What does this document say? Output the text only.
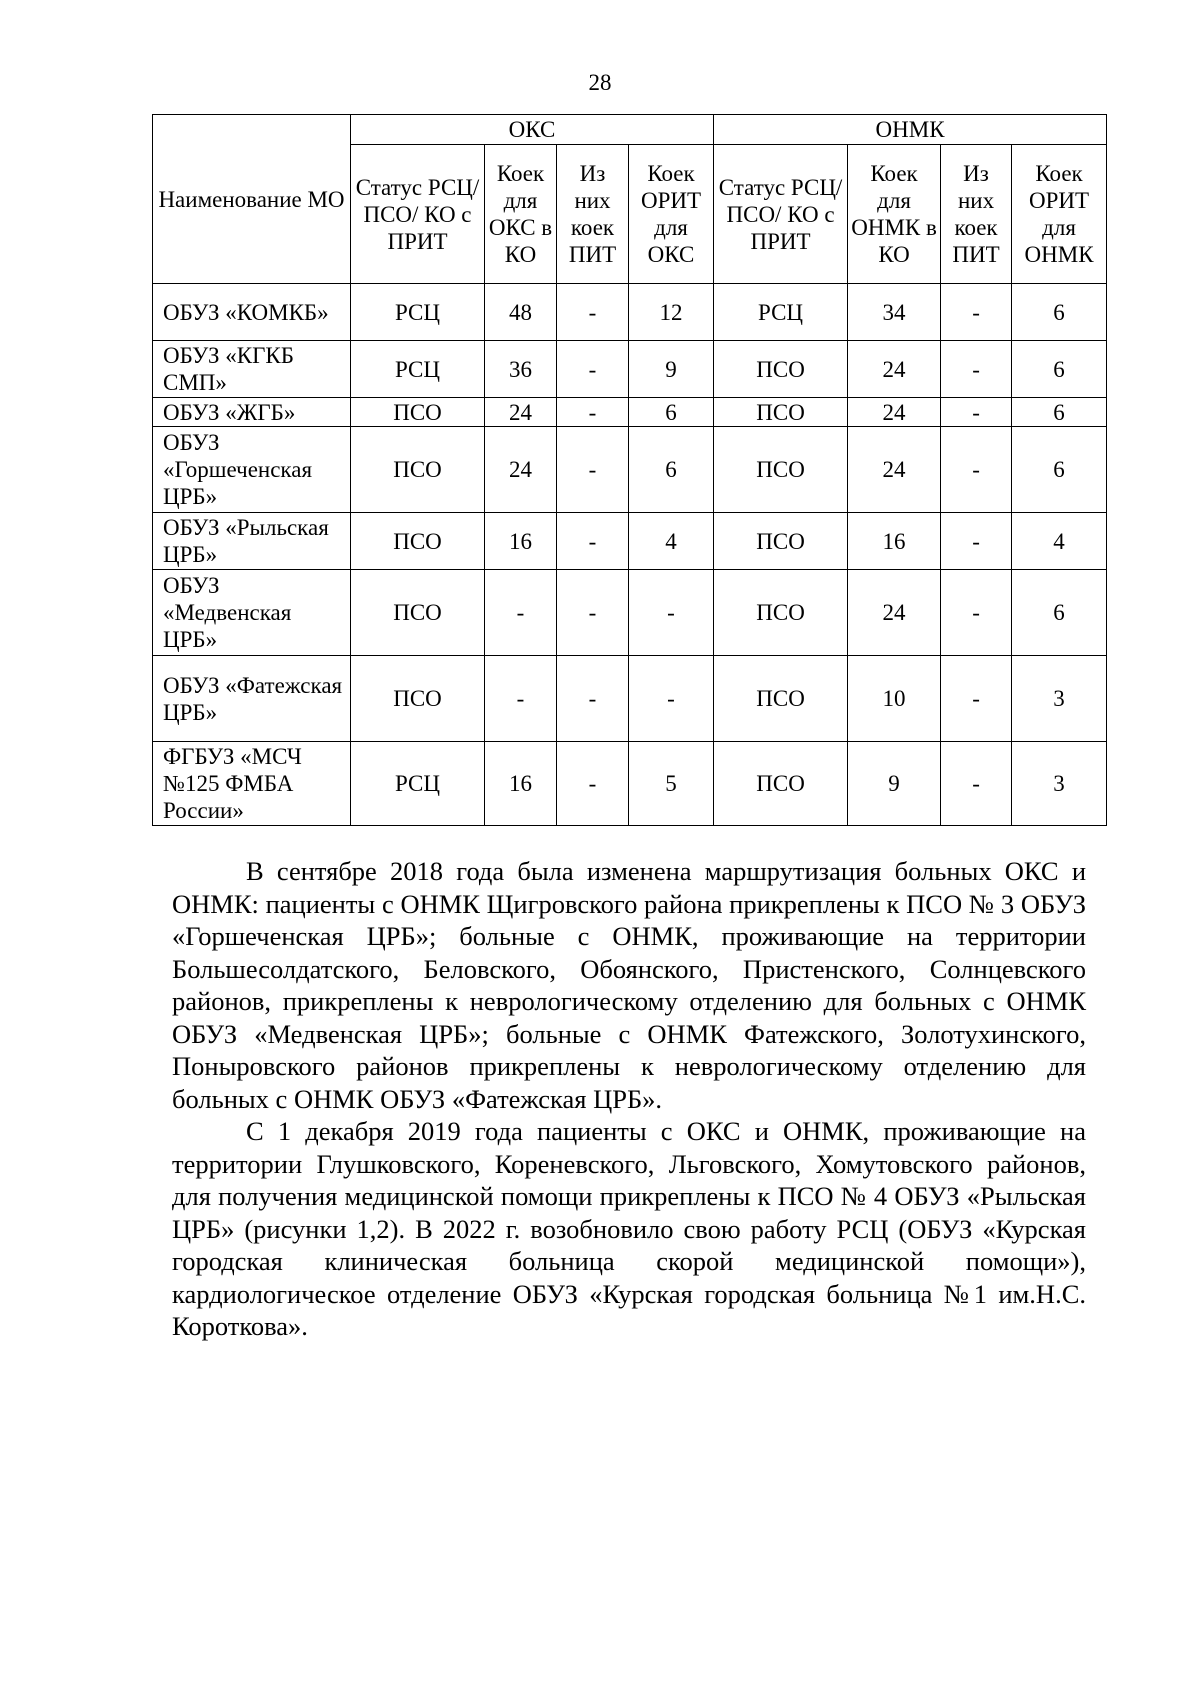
28
Наименование МО	ОКС				ОНМК			
	Статус РСЦ/ПСО/ КО с ПРИТ	Коек для ОКС в КО	Из них коек ПИТ	Коек ОРИТ для ОКС	Статус РСЦ/ПСО/ КО с ПРИТ	Коек для ОНМК в КО	Из них коек ПИТ	Коек ОРИТ для ОНМК
ОБУЗ «КОМКБ»	РСЦ	48	-	12	РСЦ	34	-	6
ОБУЗ «КГКБ СМП»	РСЦ	36	-	9	ПСО	24	-	6
ОБУЗ «ЖГБ»	ПСО	24	-	6	ПСО	24	-	6
ОБУЗ «Горшеченская ЦРБ»	ПСО	24	-	6	ПСО	24	-	6
ОБУЗ «Рыльская ЦРБ»	ПСО	16	-	4	ПСО	16	-	4
ОБУЗ «Медвенская ЦРБ»	ПСО	-	-	-	ПСО	24	-	6
ОБУЗ «Фатежская ЦРБ»	ПСО	-	-	-	ПСО	10	-	3
ФГБУЗ «МСЧ №125 ФМБА России»	РСЦ	16	-	5	ПСО	9	-	3

В сентябре 2018 года была изменена маршрутизация больных ОКС и ОНМК: пациенты с ОНМК Щигровского района прикреплены к ПСО № 3 ОБУЗ «Горшеченская ЦРБ»; больные с ОНМК, проживающие на территории Большесолдатского, Беловского, Обоянского, Пристенского, Солнцевского районов, прикреплены к неврологическому отделению для больных с ОНМК ОБУЗ «Медвенская ЦРБ»; больные с ОНМК Фатежского, Золотухинского, Поныровского районов прикреплены к неврологическому отделению для больных с ОНМК ОБУЗ «Фатежская ЦРБ».

С 1 декабря 2019 года пациенты с ОКС и ОНМК, проживающие на территории Глушковского, Кореневского, Льговского, Хомутовского районов, для получения медицинской помощи прикреплены к ПСО № 4 ОБУЗ «Рыльская ЦРБ» (рисунки 1,2). В 2022 г. возобновило свою работу РСЦ (ОБУЗ «Курская городская клиническая больница скорой медицинской помощи»), кардиологическое отделение ОБУЗ «Курская городская больница №1 им.Н.С. Короткова».
